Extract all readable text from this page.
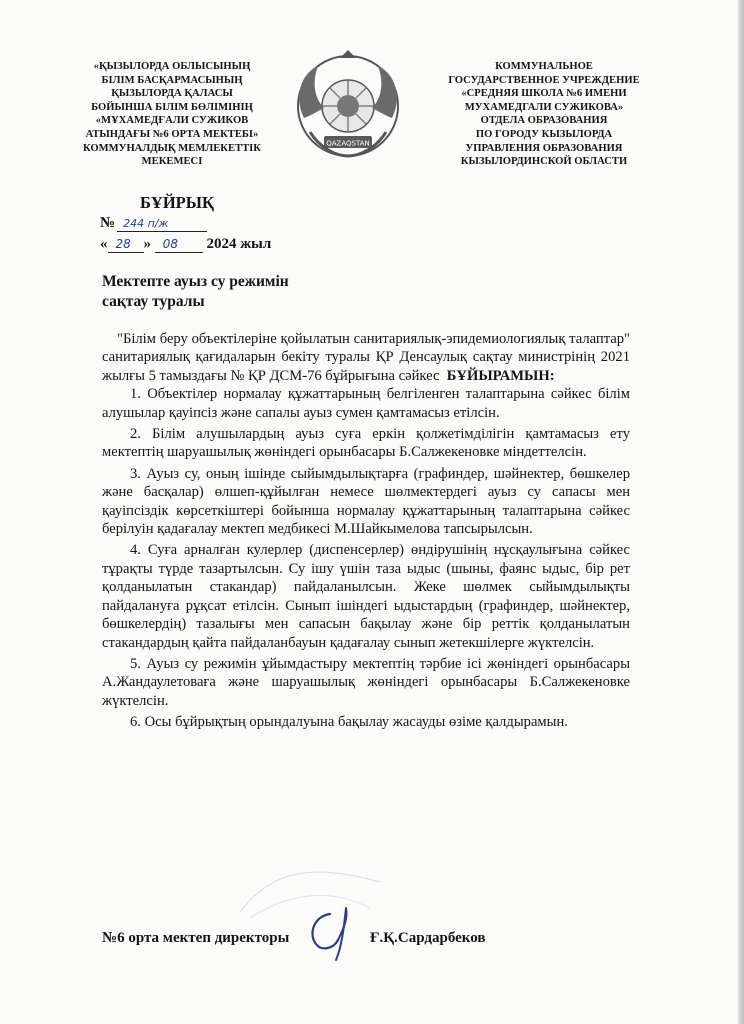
«ҚЫЗЫЛОРДА ОБЛЫСЫНЫҢ
БІЛІМ БАСҚАРМАСЫНЫҢ
ҚЫЗЫЛОРДА ҚАЛАСЫ
БОЙЫНША БІЛІМ БӨЛІМІНІҢ
«МҰХАМЕДҒАЛИ СУЖИКОВ
АТЫНДАҒЫ №6 ОРТА МЕКТЕБІ»
КОММУНАЛДЫҚ МЕМЛЕКЕТТІК
МЕКЕМЕСІ
QAZAQSTAN
КОММУНАЛЬНОЕ
ГОСУДАРСТВЕННОЕ УЧРЕЖДЕНИЕ
«СРЕДНЯЯ ШКОЛА №6 ИМЕНИ
МУХАМЕДГАЛИ СУЖИКОВА»
ОТДЕЛА ОБРАЗОВАНИЯ
ПО ГОРОДУ КЫЗЫЛОРДА
УПРАВЛЕНИЯ ОБРАЗОВАНИЯ
КЫЗЫЛОРДИНСКОЙ ОБЛАСТИ
БҰЙРЫҚ
№ 244 п/ж
« 28 » 08 2024 жыл
Мектепте ауыз су режимін
сақтау туралы

"Білім беру объектілеріне қойылатын санитариялық-эпидемиологиялық талаптар" санитариялық қағидаларын бекіту туралы ҚР Денсаулық сақтау министрінің 2021 жылғы 5 тамыздағы № ҚР ДСМ-76 бұйрығына сәйкес БҰЙЫРАМЫН:

1. Объектілер нормалау құжаттарының белгіленген талаптарына сәйкес білім алушылар қауіпсіз және сапалы ауыз сумен қамтамасыз етілсін.

2. Білім алушылардың ауыз суға еркін қолжетімділігін қамтамасыз ету мектептің шаруашылық жөніндегі орынбасары Б.Салжекеновке міндеттелсін.

3. Ауыз су, оның ішінде сыйымдылықтарға (графиндер, шәйнектер, бөшкелер және басқалар) өлшеп-құйылған немесе шөлмектердегі ауыз су сапасы мен қауіпсіздік көрсеткіштері бойынша нормалау құжаттарының талаптарына сәйкес берілуін қадағалау мектеп медбикесі М.Шайкымелова тапсырылсын.

4. Суға арналған кулерлер (диспенсерлер) өндірушінің нұсқаулығына сәйкес тұрақты түрде тазартылсын. Су ішу үшін таза ыдыс (шыны, фаянс ыдыс, бір рет қолданылатын стакандар) пайдаланылсын. Жеке шөлмек сыйымдылықты пайдалануға рұқсат етілсін. Сынып ішіндегі ыдыстардың (графиндер, шәйнектер, бөшкелердің) тазалығы мен сапасын бақылау және бір реттік қолданылатын стакандардың қайта пайдаланбауын қадағалау сынып жетекшілерге жүктелсін.

5. Ауыз су режимін ұйымдастыру мектептің тәрбие ісі жөніндегі орынбасары А.Жандаулетоваға және шаруашылық жөніндегі орынбасары Б.Салжекеновке жүктелсін.

6. Осы бұйрықтың орындалуына бақылау жасауды өзіме қалдырамын.

№6 орта мектеп директоры	Ғ.Қ.Сардарбеков
